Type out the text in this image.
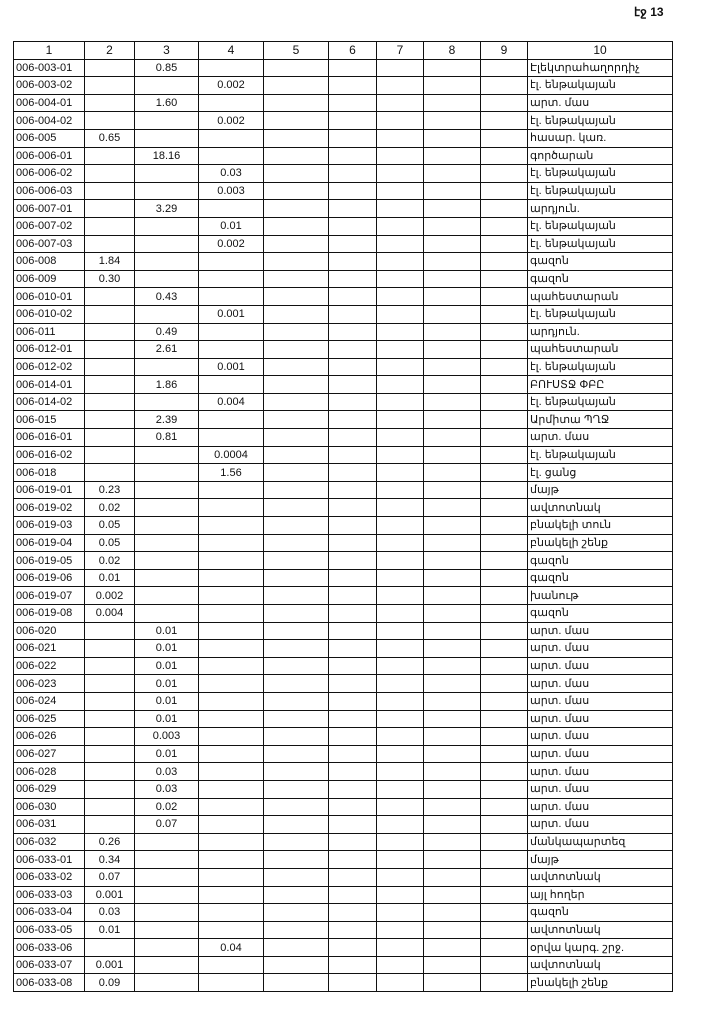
էջ 13
1	2	3	4	5	6	7	8	9	10
006-003-01		0.85							Էլեկտրահաղորդիչ
006-003-02			0.002						էլ. ենթակայան
006-004-01		1.60							արտ. մաս
006-004-02			0.002						էլ. ենթակայան
006-005	0.65								հասար. կառ.
006-006-01		18.16							գործարան
006-006-02			0.03						էլ. ենթակայան
006-006-03			0.003						էլ. ենթակայան
006-007-01		3.29							արդյուն.
006-007-02			0.01						էլ. ենթակայան
006-007-03			0.002						էլ. ենթակայան
006-008	1.84								գազոն
006-009	0.30								գազոն
006-010-01		0.43							պահեստարան
006-010-02			0.001						էլ. ենթակայան
006-011		0.49							արդյուն.
006-012-01		2.61							պահեստարան
006-012-02			0.001						էլ. ենթակայան
006-014-01		1.86							ԲՈՒՍՏՋ ՓԲԸ
006-014-02			0.004						էլ. ենթակայան
006-015		2.39							Արմիտա ՊՂՋ
006-016-01		0.81							արտ. մաս
006-016-02			0.0004						էլ. ենթակայան
006-018			1.56						էլ. ցանց
006-019-01	0.23								մայթ
006-019-02	0.02								ավտոտնակ
006-019-03	0.05								բնակելի տուն
006-019-04	0.05								բնակելի շենք
006-019-05	0.02								գազոն
006-019-06	0.01								գազոն
006-019-07	0.002								խանութ
006-019-08	0.004								գազոն
006-020		0.01							արտ. մաս
006-021		0.01							արտ. մաս
006-022		0.01							արտ. մաս
006-023		0.01							արտ. մաս
006-024		0.01							արտ. մաս
006-025		0.01							արտ. մաս
006-026		0.003							արտ. մաս
006-027		0.01							արտ. մաս
006-028		0.03							արտ. մաս
006-029		0.03							արտ. մաս
006-030		0.02							արտ. մաս
006-031		0.07							արտ. մաս
006-032	0.26								մանկապարտեզ
006-033-01	0.34								մայթ
006-033-02	0.07								ավտոտնակ
006-033-03	0.001								այլ հողեր
006-033-04	0.03								գազոն
006-033-05	0.01								ավտոտնակ
006-033-06			0.04						օրվա կարգ. շրջ.
006-033-07	0.001								ավտոտնակ
006-033-08	0.09								բնակելի շենք
